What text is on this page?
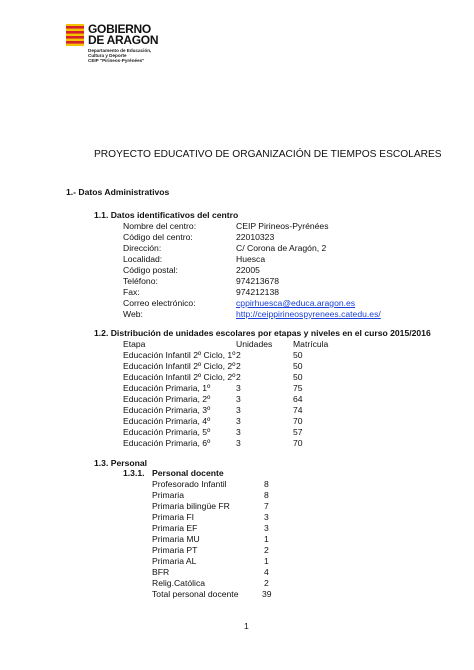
GOBIERNO
DE ARAGON
Departamento de Educación,
Cultura y Deporte
CEIP "Pirineos-Pyrénées"
PROYECTO EDUCATIVO DE ORGANIZACIÓN DE TIEMPOS ESCOLARES
1.- Datos Administrativos
1.1. Datos identificativos del centro
Nombre del centro:	CEIP Pirineos-Pyrénées
Código del centro:	22010323
Dirección:	C/ Corona de Aragón, 2
Localidad:	Huesca
Código postal:	22005
Teléfono:	974213678
Fax:	974212138
Correo electrónico:	cppirhuesca@educa.aragon.es
Web:	http://ceippirineospyrenees.catedu.es/
1.2. Distribución de unidades escolares por etapas y niveles en el curso 2015/2016
Etapa	Unidades Matrícula
Educación Infantil 2º Ciclo, 1º 2	50
Educación Infantil 2º Ciclo, 2º 2	50
Educación Infantil 2º Ciclo, 2º 2	50
Educación Primaria, 1º	3	75
Educación Primaria, 2º	3	64
Educación Primaria, 3º	3	74
Educación Primaria, 4º	3	70
Educación Primaria, 5º	3	57
Educación Primaria, 6º	3	70
1.3. Personal
1.3.1. Personal docente
Profesorado Infantil	8
Primaria	8
Primaria bilingüe FR	7
Primaria FI	3
Primaria EF	3
Primaria MU	1
Primaria PT	2
Primaria AL	1
BFR	4
Relig.Católica	2
Total personal docente	39
1
